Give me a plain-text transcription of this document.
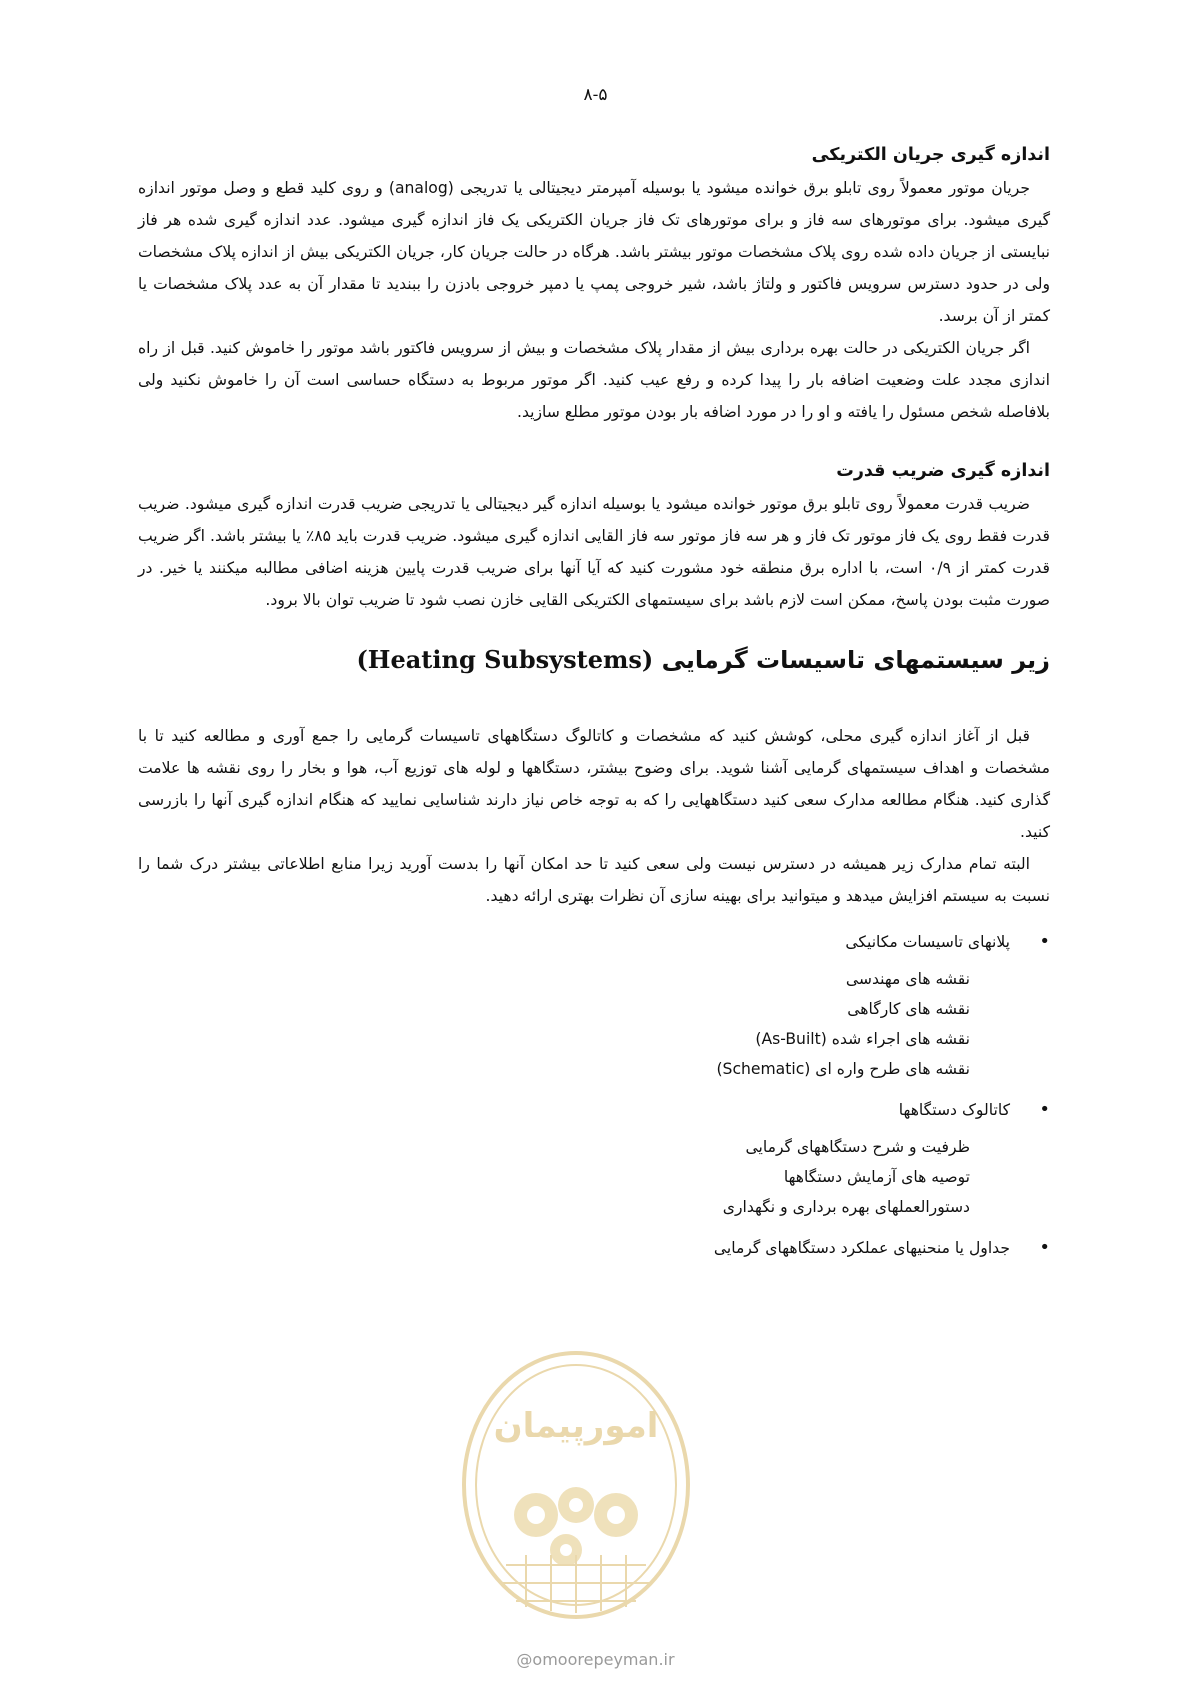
۸-۵
اندازه گیری جریان الکتریکی

جریان موتور معمولاً روی تابلو برق خوانده میشود یا بوسیله آمپرمتر دیجیتالی یا تدریجی (analog) و روی کلید قطع و وصل موتور اندازه گیری میشود. برای موتورهای سه فاز و برای موتورهای تک فاز جریان الکتریکی یک فاز اندازه گیری میشود. عدد اندازه گیری شده هر فاز نبایستی از جریان داده شده روی پلاک مشخصات موتور بیشتر باشد. هرگاه در حالت جریان کار، جریان الکتریکی بیش از اندازه پلاک مشخصات ولی در حدود دسترس سرویس فاکتور و ولتاژ باشد، شیر خروجی پمپ یا دمپر خروجی بادزن را ببندید تا مقدار آن به عدد پلاک مشخصات یا کمتر از آن برسد.

اگر جریان الکتریکی در حالت بهره برداری بیش از مقدار پلاک مشخصات و بیش از سرویس فاکتور باشد موتور را خاموش کنید. قبل از راه اندازی مجدد علت وضعیت اضافه بار را پیدا کرده و رفع عیب کنید. اگر موتور مربوط به دستگاه حساسی است آن را خاموش نکنید ولی بلافاصله شخص مسئول را یافته و او را در مورد اضافه بار بودن موتور مطلع سازید.

اندازه گیری ضریب قدرت

ضریب قدرت معمولاً روی تابلو برق موتور خوانده میشود یا بوسیله اندازه گیر دیجیتالی یا تدریجی ضریب قدرت اندازه گیری میشود. ضریب قدرت فقط روی یک فاز موتور تک فاز و هر سه فاز موتور سه فاز القایی اندازه گیری میشود. ضریب قدرت باید ۸۵٪ یا بیشتر باشد. اگر ضریب قدرت کمتر از ۰/۹ است، با اداره برق منطقه خود مشورت کنید که آیا آنها برای ضریب قدرت پایین هزینه اضافی مطالبه میکنند یا خیر. در صورت مثبت بودن پاسخ، ممکن است لازم باشد برای سیستمهای الکتریکی القایی خازن نصب شود تا ضریب توان بالا برود.

زیر سیستمهای تاسیسات گرمایی (Heating Subsystems)

قبل از آغاز اندازه گیری محلی، کوشش کنید که مشخصات و کاتالوگ دستگاههای تاسیسات گرمایی را جمع آوری و مطالعه کنید تا با مشخصات و اهداف سیستمهای گرمایی آشنا شوید. برای وضوح بیشتر، دستگاهها و لوله های توزیع آب، هوا و بخار را روی نقشه ها علامت گذاری کنید. هنگام مطالعه مدارک سعی کنید دستگاههایی را که به توجه خاص نیاز دارند شناسایی نمایید که هنگام اندازه گیری آنها را بازرسی کنید.

البته تمام مدارک زیر همیشه در دسترس نیست ولی سعی کنید تا حد امکان آنها را بدست آورید زیرا منابع اطلاعاتی بیشتر درک شما را نسبت به سیستم افزایش میدهد و میتوانید برای بهینه سازی آن نظرات بهتری ارائه دهید.

•
پلانهای تاسیسات مکانیکی
نقشه های مهندسی
نقشه های کارگاهی
نقشه های اجراء شده (As-Built)
نقشه های طرح واره ای (Schematic)
•
کاتالوک دستگاهها
ظرفیت و شرح دستگاههای گرمایی
توصیه های آزمایش دستگاهها
دستورالعملهای بهره برداری و نگهداری
•
جداول یا منحنیهای عملکرد دستگاههای گرمایی
امورپیمان
@omoorepeyman.ir
